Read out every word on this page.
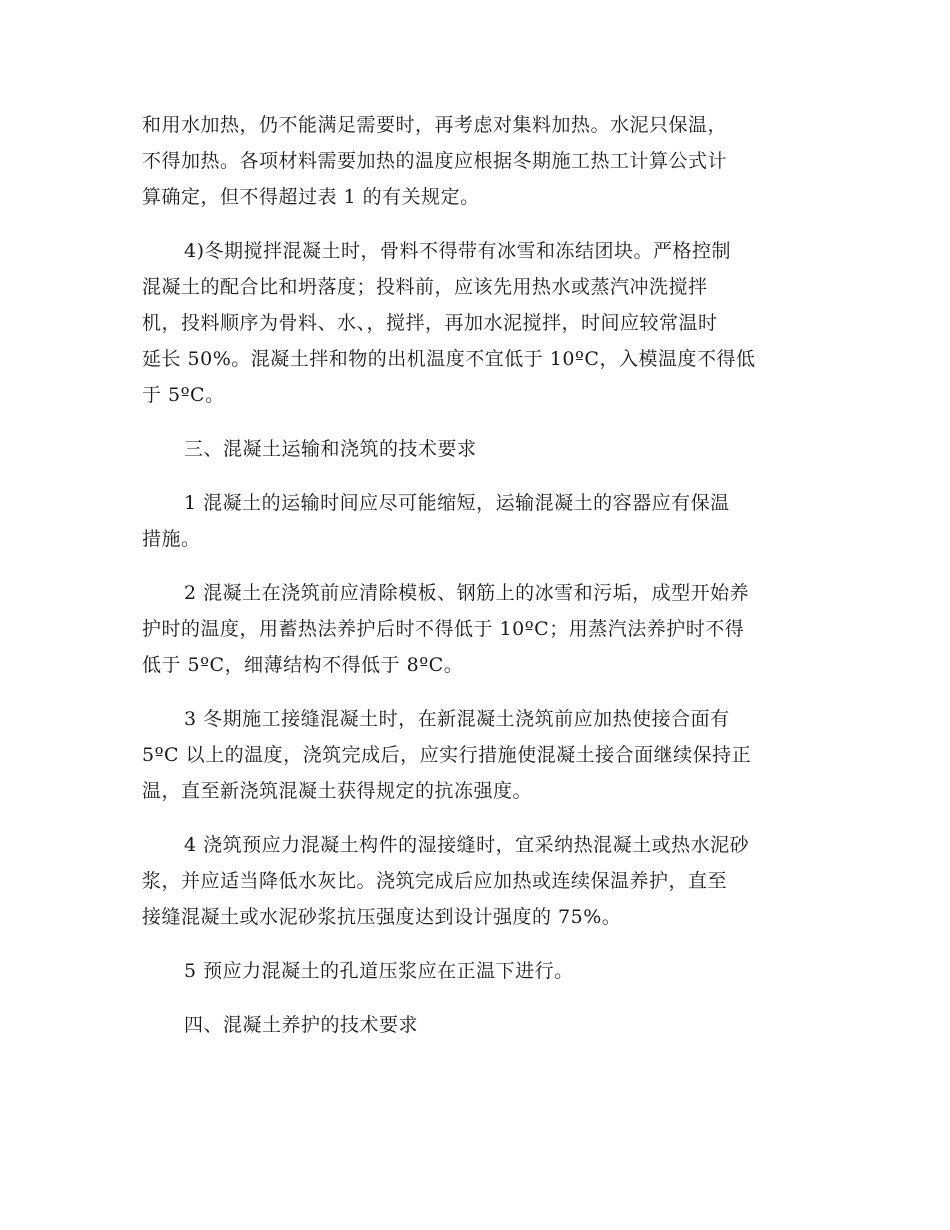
和用水加热，仍不能满足需要时，再考虑对集料加热。水泥只保温，
不得加热。各项材料需要加热的温度应根据冬期施工热工计算公式计
算确定，但不得超过表 1 的有关规定。

4)冬期搅拌混凝土时，骨料不得带有冰雪和冻结团块。严格控制
混凝土的配合比和坍落度；投料前，应该先用热水或蒸汽冲洗搅拌
机，投料顺序为骨料、水、，搅拌，再加水泥搅拌，时间应较常温时
延长 50%。混凝土拌和物的出机温度不宜低于 10ºC，入模温度不得低
于 5ºC。

三、混凝土运输和浇筑的技术要求

1 混凝土的运输时间应尽可能缩短，运输混凝土的容器应有保温
措施。

2 混凝土在浇筑前应清除模板、钢筋上的冰雪和污垢，成型开始养
护时的温度，用蓄热法养护后时不得低于 10ºC；用蒸汽法养护时不得
低于 5ºC，细薄结构不得低于 8ºC。

3 冬期施工接缝混凝土时，在新混凝土浇筑前应加热使接合面有
5ºC 以上的温度，浇筑完成后，应实行措施使混凝土接合面继续保持正
温，直至新浇筑混凝土获得规定的抗冻强度。

4 浇筑预应力混凝土构件的湿接缝时，宜采纳热混凝土或热水泥砂
浆，并应适当降低水灰比。浇筑完成后应加热或连续保温养护，直至
接缝混凝土或水泥砂浆抗压强度达到设计强度的 75%。

5 预应力混凝土的孔道压浆应在正温下进行。

四、混凝土养护的技术要求
